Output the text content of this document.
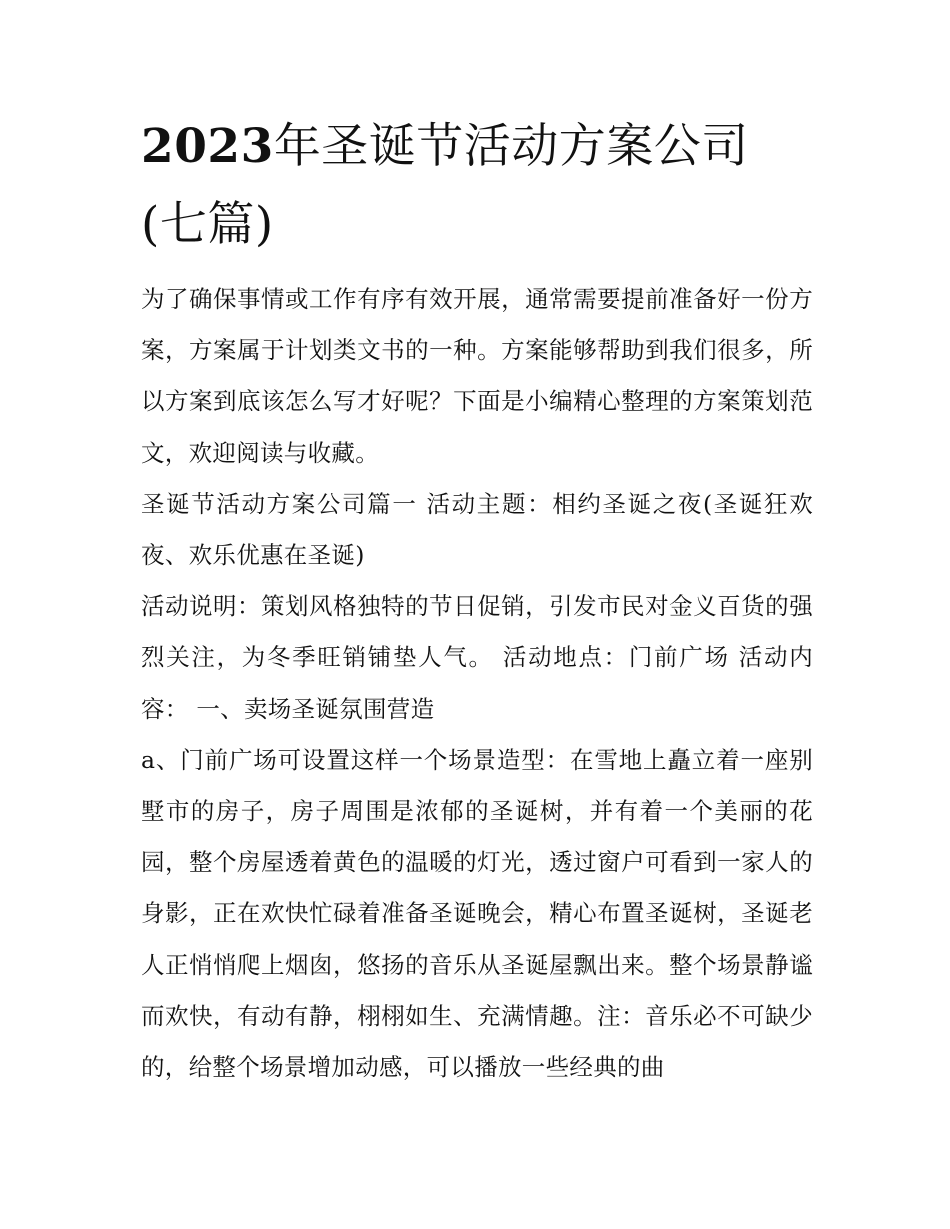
2023年圣诞节活动方案公司(七篇)

为了确保事情或工作有序有效开展，通常需要提前准备好一份方案，方案属于计划类文书的一种。方案能够帮助到我们很多，所以方案到底该怎么写才好呢？下面是小编精心整理的方案策划范文，欢迎阅读与收藏。

圣诞节活动方案公司篇一 活动主题：相约圣诞之夜(圣诞狂欢夜、欢乐优惠在圣诞)

活动说明：策划风格独特的节日促销，引发市民对金义百货的强烈关注，为冬季旺销铺垫人气。 活动地点：门前广场 活动内容： 一、卖场圣诞氛围营造

a、门前广场可设置这样一个场景造型：在雪地上矗立着一座别墅市的房子，房子周围是浓郁的圣诞树，并有着一个美丽的花园，整个房屋透着黄色的温暖的灯光，透过窗户可看到一家人的身影，正在欢快忙碌着准备圣诞晚会，精心布置圣诞树，圣诞老人正悄悄爬上烟囱，悠扬的音乐从圣诞屋飘出来。整个场景静谧而欢快，有动有静，栩栩如生、充满情趣。注：音乐必不可缺少的，给整个场景增加动感，可以播放一些经典的曲
